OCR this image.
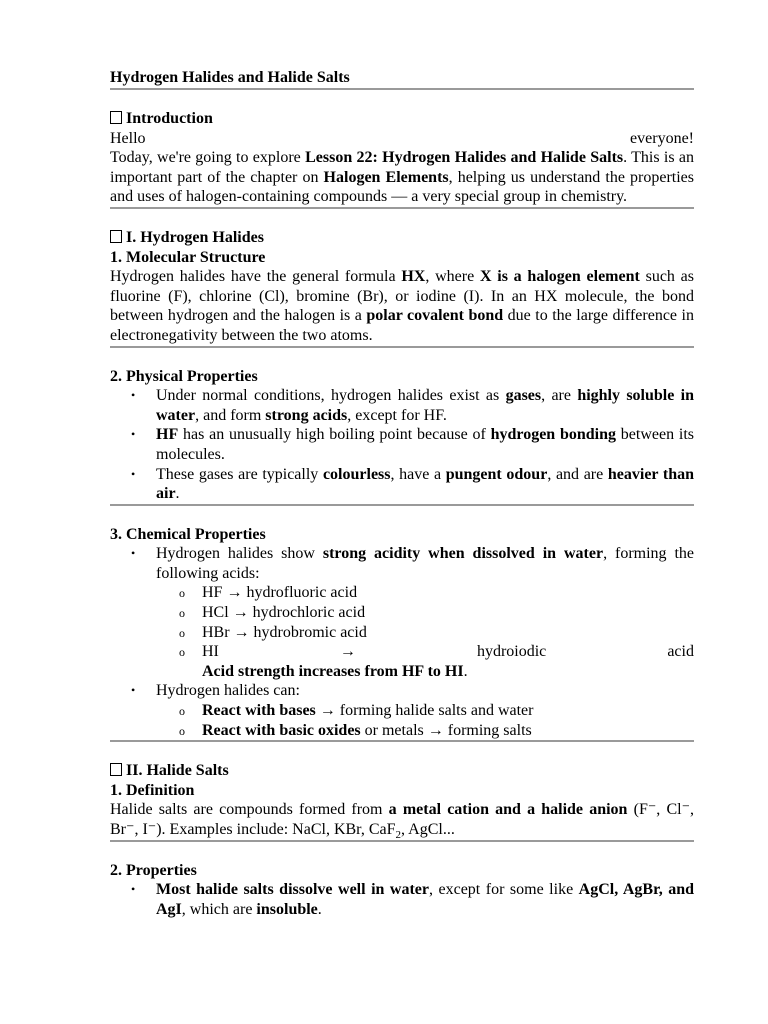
Hydrogen Halides and Halide Salts
Introduction
Hello	everyone!

Today, we're going to explore Lesson 22: Hydrogen Halides and Halide Salts. This is an important part of the chapter on Halogen Elements, helping us understand the properties and uses of halogen-containing compounds — a very special group in chemistry.

I. Hydrogen Halides
1. Molecular Structure

Hydrogen halides have the general formula HX, where X is a halogen element such as fluorine (F), chlorine (Cl), bromine (Br), or iodine (I). In an HX molecule, the bond between hydrogen and the halogen is a polar covalent bond due to the large difference in electronegativity between the two atoms.

2. Physical Properties
• Under normal conditions, hydrogen halides exist as gases, are highly soluble in water, and form strong acids, except for HF.
• HF has an unusually high boiling point because of hydrogen bonding between its molecules.
• These gases are typically colourless, have a pungent odour, and are heavier than air.
3. Chemical Properties
• Hydrogen halides show strong acidity when dissolved in water, forming the following acids:
o HF → hydrofluoric acid
o HCl → hydrochloric acid
o HBr → hydrobromic acid
o HI	→	hydroiodic	acid
Acid strength increases from HF to HI.
• Hydrogen halides can:
o React with bases → forming halide salts and water
o React with basic oxides or metals → forming salts
II. Halide Salts
1. Definition

Halide salts are compounds formed from a metal cation and a halide anion (F⁻, Cl⁻, Br⁻, I⁻). Examples include: NaCl, KBr, CaF$_2$, AgCl...

2. Properties
• Most halide salts dissolve well in water, except for some like AgCl, AgBr, and AgI, which are insoluble.
